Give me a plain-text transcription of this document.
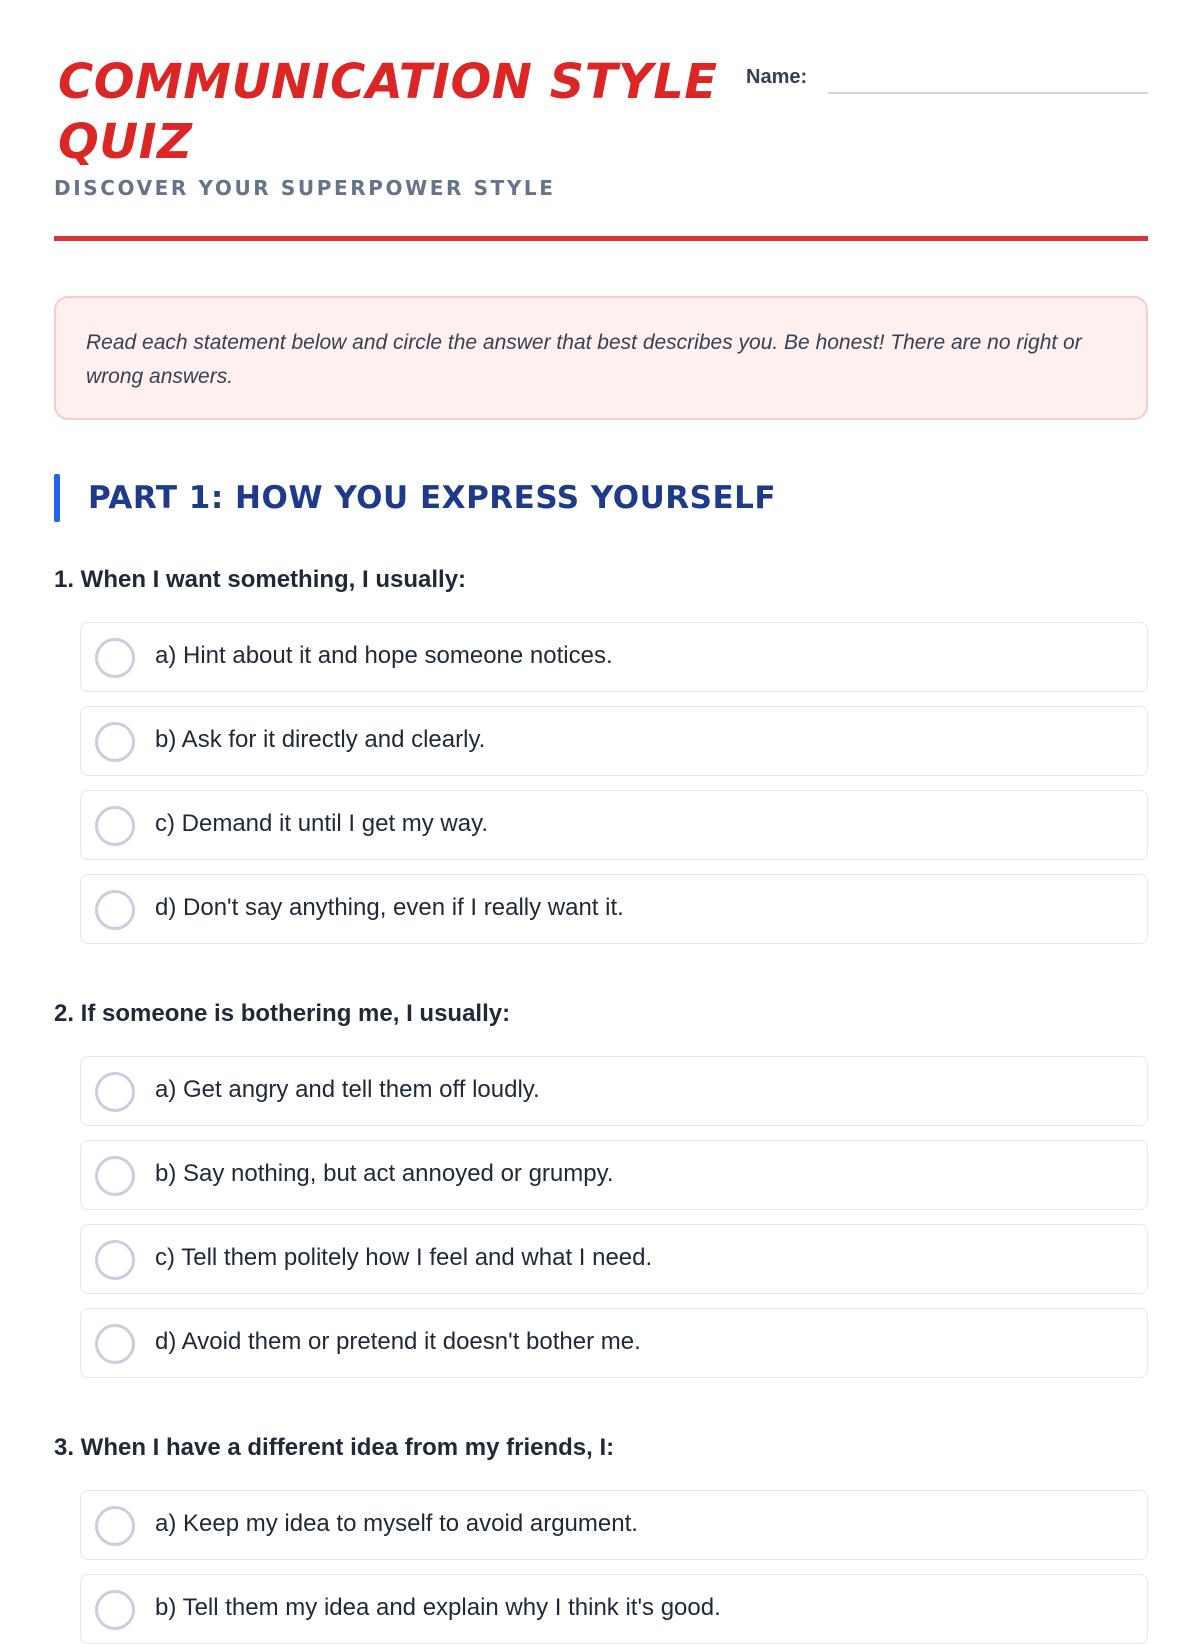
COMMUNICATION STYLE QUIZ
Name:
DISCOVER YOUR SUPERPOWER STYLE
Read each statement below and circle the answer that best describes you. Be honest! There are no right or wrong answers.
PART 1: HOW YOU EXPRESS YOURSELF
1. When I want something, I usually:
a) Hint about it and hope someone notices.
b) Ask for it directly and clearly.
c) Demand it until I get my way.
d) Don't say anything, even if I really want it.
2. If someone is bothering me, I usually:
a) Get angry and tell them off loudly.
b) Say nothing, but act annoyed or grumpy.
c) Tell them politely how I feel and what I need.
d) Avoid them or pretend it doesn't bother me.
3. When I have a different idea from my friends, I:
a) Keep my idea to myself to avoid argument.
b) Tell them my idea and explain why I think it's good.
